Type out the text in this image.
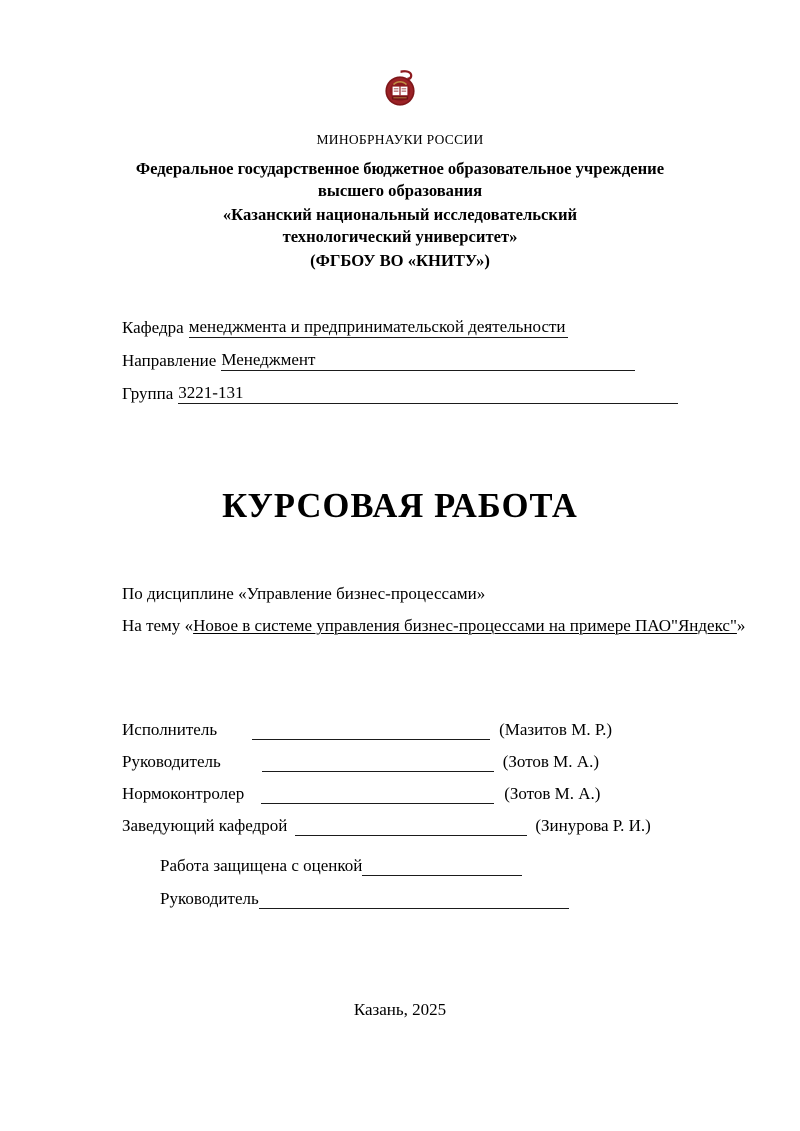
МИНОБРНАУКИ РОССИИ
Федеральное государственное бюджетное образовательное учреждение высшего образования
«Казанский национальный исследовательский
технологический университет»
(ФГБОУ ВО «КНИТУ»)
Кафедра менеджмента и предпринимательской деятельности
Направление Менеджмент
Группа 3221-131
КУРСОВАЯ РАБОТА
По дисциплине «Управление бизнес-процессами»
На тему «Новое в системе управления бизнес-процессами на примере ПАО"Яндекс"»
Исполнитель	(Мазитов М. Р.)
Руководитель	(Зотов М. А.)
Нормоконтролер	(Зотов М. А.)
Заведующий кафедрой	(Зинурова Р. И.)
Работа защищена с оценкой
Руководитель
Казань, 2025
